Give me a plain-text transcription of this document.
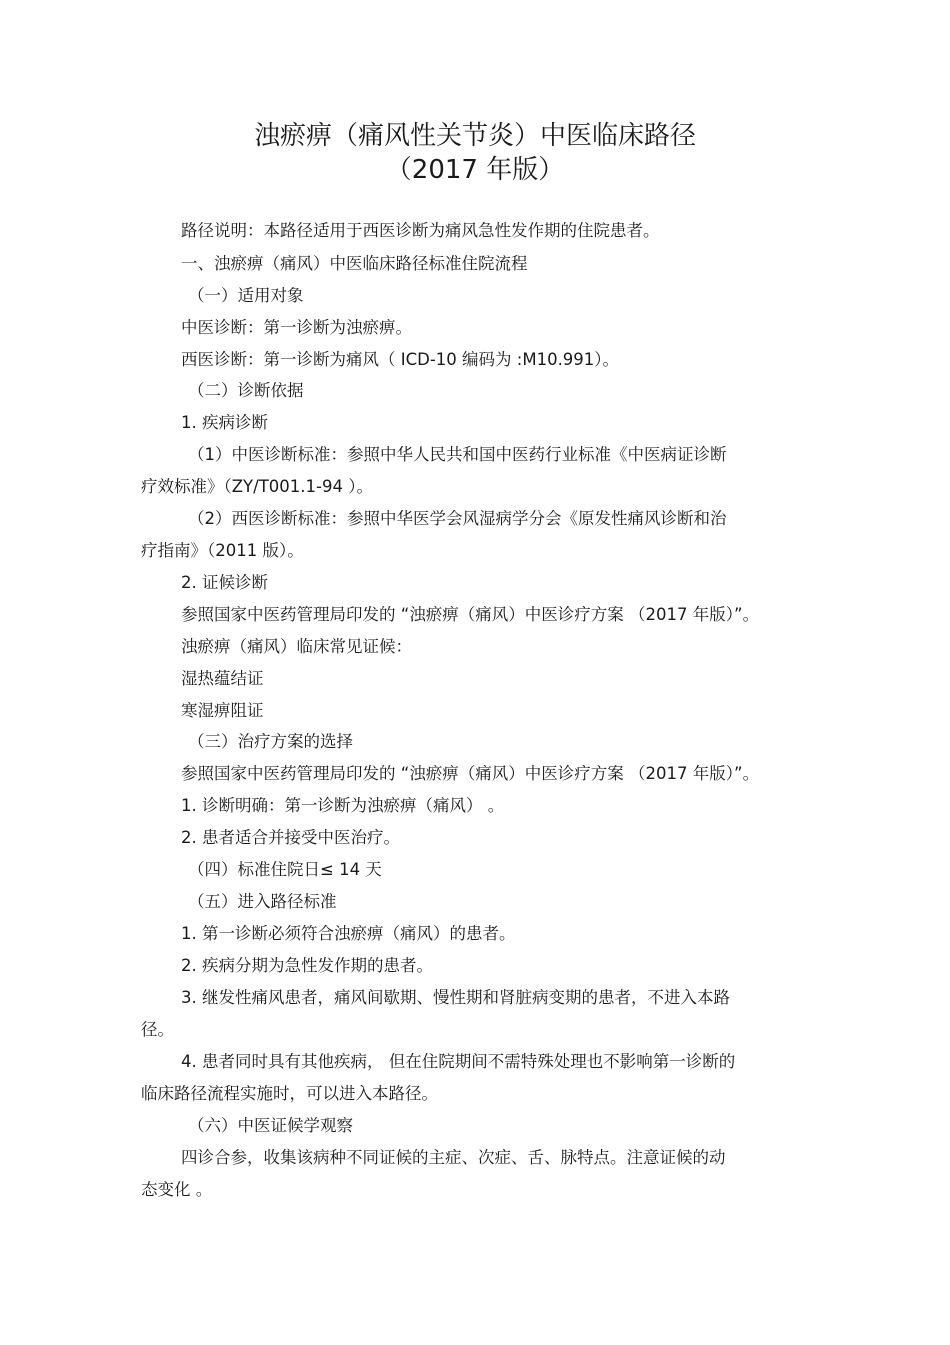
浊瘀痹（痛风性关节炎）中医临床路径
（2017 年版）

路径说明：本路径适用于西医诊断为痛风急性发作期的住院患者。

一、浊瘀痹（痛风）中医临床路径标准住院流程

（一）适用对象

中医诊断：第一诊断为浊瘀痹。

西医诊断：第一诊断为痛风（ ICD-10 编码为 :M10.991）。

（二）诊断依据

1. 疾病诊断

（1）中医诊断标准：参照中华人民共和国中医药行业标准《中医病证诊断

疗效标准》（ZY/T001.1-94 ）。

（2）西医诊断标准：参照中华医学会风湿病学分会《原发性痛风诊断和治

疗指南》（2011 版）。

2. 证候诊断

参照国家中医药管理局印发的 “浊瘀痹（痛风）中医诊疗方案 （2017 年版）”。

浊瘀痹（痛风）临床常见证候：

湿热蕴结证

寒湿痹阻证

（三）治疗方案的选择

参照国家中医药管理局印发的 “浊瘀痹（痛风）中医诊疗方案 （2017 年版）”。

1. 诊断明确：第一诊断为浊瘀痹（痛风） 。

2. 患者适合并接受中医治疗。

（四）标准住院日≤ 14 天

（五）进入路径标准

1. 第一诊断必须符合浊瘀痹（痛风）的患者。

2. 疾病分期为急性发作期的患者。

3. 继发性痛风患者，痛风间歇期、慢性期和肾脏病变期的患者，不进入本路

径。

4. 患者同时具有其他疾病， 但在住院期间不需特殊处理也不影响第一诊断的

临床路径流程实施时，可以进入本路径。

（六）中医证候学观察

四诊合参，收集该病种不同证候的主症、次症、舌、脉特点。注意证候的动

态变化 。
